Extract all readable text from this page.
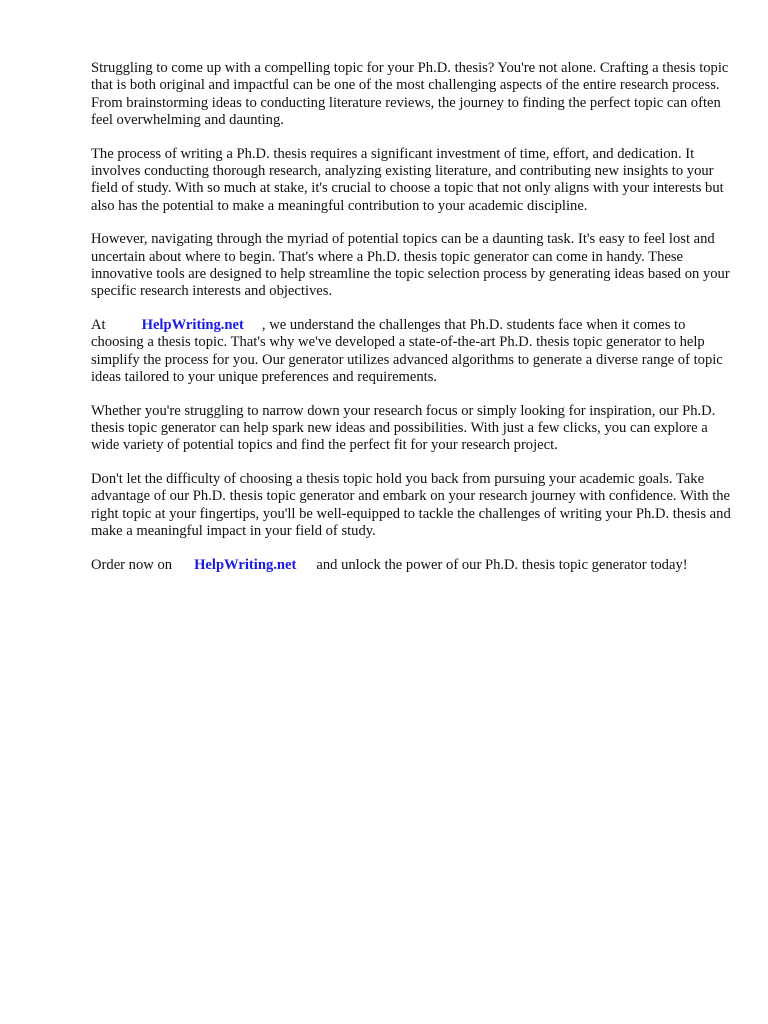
Struggling to come up with a compelling topic for your Ph.D. thesis? You're not alone. Crafting a thesis topic that is both original and impactful can be one of the most challenging aspects of the entire research process. From brainstorming ideas to conducting literature reviews, the journey to finding the perfect topic can often feel overwhelming and daunting.

The process of writing a Ph.D. thesis requires a significant investment of time, effort, and dedication. It involves conducting thorough research, analyzing existing literature, and contributing new insights to your field of study. With so much at stake, it's crucial to choose a topic that not only aligns with your interests but also has the potential to make a meaningful contribution to your academic discipline.

However, navigating through the myriad of potential topics can be a daunting task. It's easy to feel lost and uncertain about where to begin. That's where a Ph.D. thesis topic generator can come in handy. These innovative tools are designed to help streamline the topic selection process by generating ideas based on your specific research interests and objectives.

At HelpWriting.net , we understand the challenges that Ph.D. students face when it comes to choosing a thesis topic. That's why we've developed a state-of-the-art Ph.D. thesis topic generator to help simplify the process for you. Our generator utilizes advanced algorithms to generate a diverse range of topic ideas tailored to your unique preferences and requirements.

Whether you're struggling to narrow down your research focus or simply looking for inspiration, our Ph.D. thesis topic generator can help spark new ideas and possibilities. With just a few clicks, you can explore a wide variety of potential topics and find the perfect fit for your research project.

Don't let the difficulty of choosing a thesis topic hold you back from pursuing your academic goals. Take advantage of our Ph.D. thesis topic generator and embark on your research journey with confidence. With the right topic at your fingertips, you'll be well-equipped to tackle the challenges of writing your Ph.D. thesis and make a meaningful impact in your field of study.

Order now on HelpWriting.net and unlock the power of our Ph.D. thesis topic generator today!
